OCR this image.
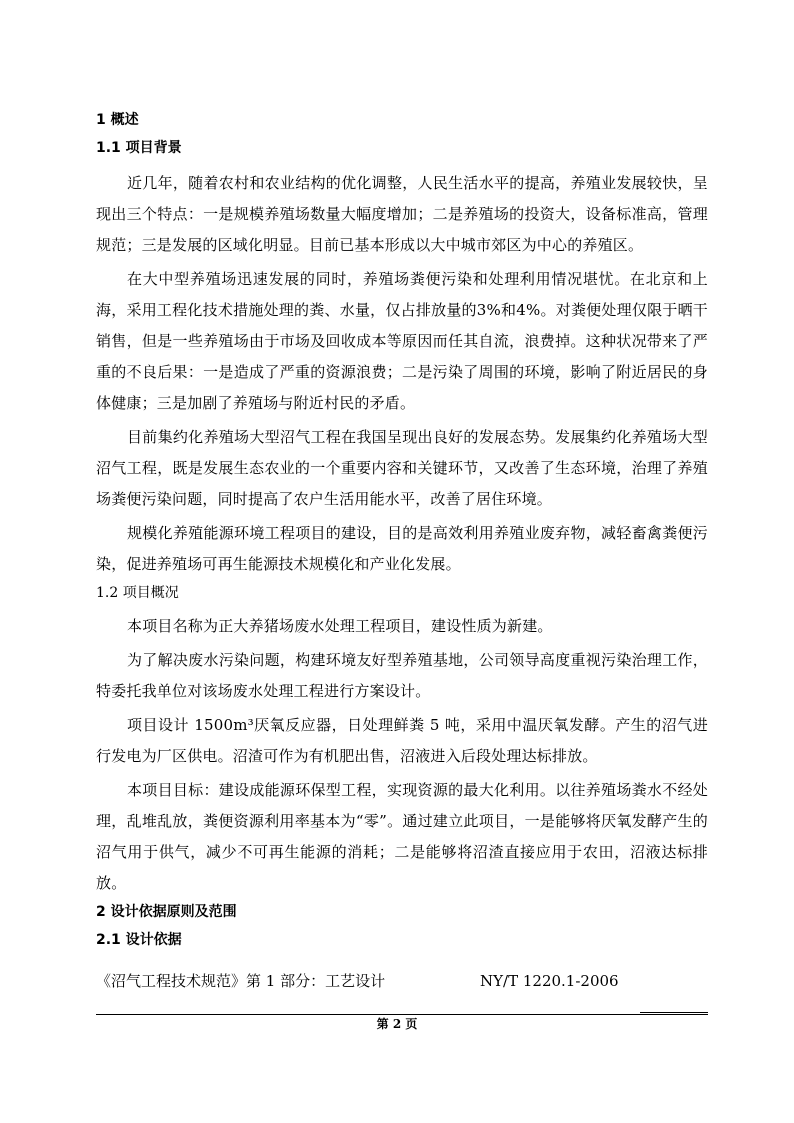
1 概述
1.1 项目背景

近几年，随着农村和农业结构的优化调整，人民生活水平的提高，养殖业发展较快，呈现出三个特点：一是规模养殖场数量大幅度增加；二是养殖场的投资大，设备标准高，管理规范；三是发展的区域化明显。目前已基本形成以大中城市郊区为中心的养殖区。

在大中型养殖场迅速发展的同时，养殖场粪便污染和处理利用情况堪忧。在北京和上海，采用工程化技术措施处理的粪、水量，仅占排放量的3%和4%。对粪便处理仅限于晒干销售，但是一些养殖场由于市场及回收成本等原因而任其自流，浪费掉。这种状况带来了严重的不良后果：一是造成了严重的资源浪费；二是污染了周围的环境，影响了附近居民的身体健康；三是加剧了养殖场与附近村民的矛盾。

目前集约化养殖场大型沼气工程在我国呈现出良好的发展态势。发展集约化养殖场大型沼气工程，既是发展生态农业的一个重要内容和关键环节，又改善了生态环境，治理了养殖场粪便污染问题，同时提高了农户生活用能水平，改善了居住环境。

规模化养殖能源环境工程项目的建设，目的是高效利用养殖业废弃物，减轻畜禽粪便污染，促进养殖场可再生能源技术规模化和产业化发展。

1.2 项目概况

本项目名称为正大养猪场废水处理工程项目，建设性质为新建。

为了解决废水污染问题，构建环境友好型养殖基地，公司领导高度重视污染治理工作，特委托我单位对该场废水处理工程进行方案设计。

项目设计 1500m³厌氧反应器，日处理鲜粪 5 吨，采用中温厌氧发酵。产生的沼气进行发电为厂区供电。沼渣可作为有机肥出售，沼液进入后段处理达标排放。

本项目目标：建设成能源环保型工程，实现资源的最大化利用。以往养殖场粪水不经处理，乱堆乱放，粪便资源利用率基本为“零”。通过建立此项目，一是能够将厌氧发酵产生的沼气用于供气，减少不可再生能源的消耗；二是能够将沼渣直接应用于农田，沼液达标排放。

2 设计依据原则及范围
2.1 设计依据
《沼气工程技术规范》第 1 部分：工艺设计	NY/T 1220.1-2006
第 2 页
